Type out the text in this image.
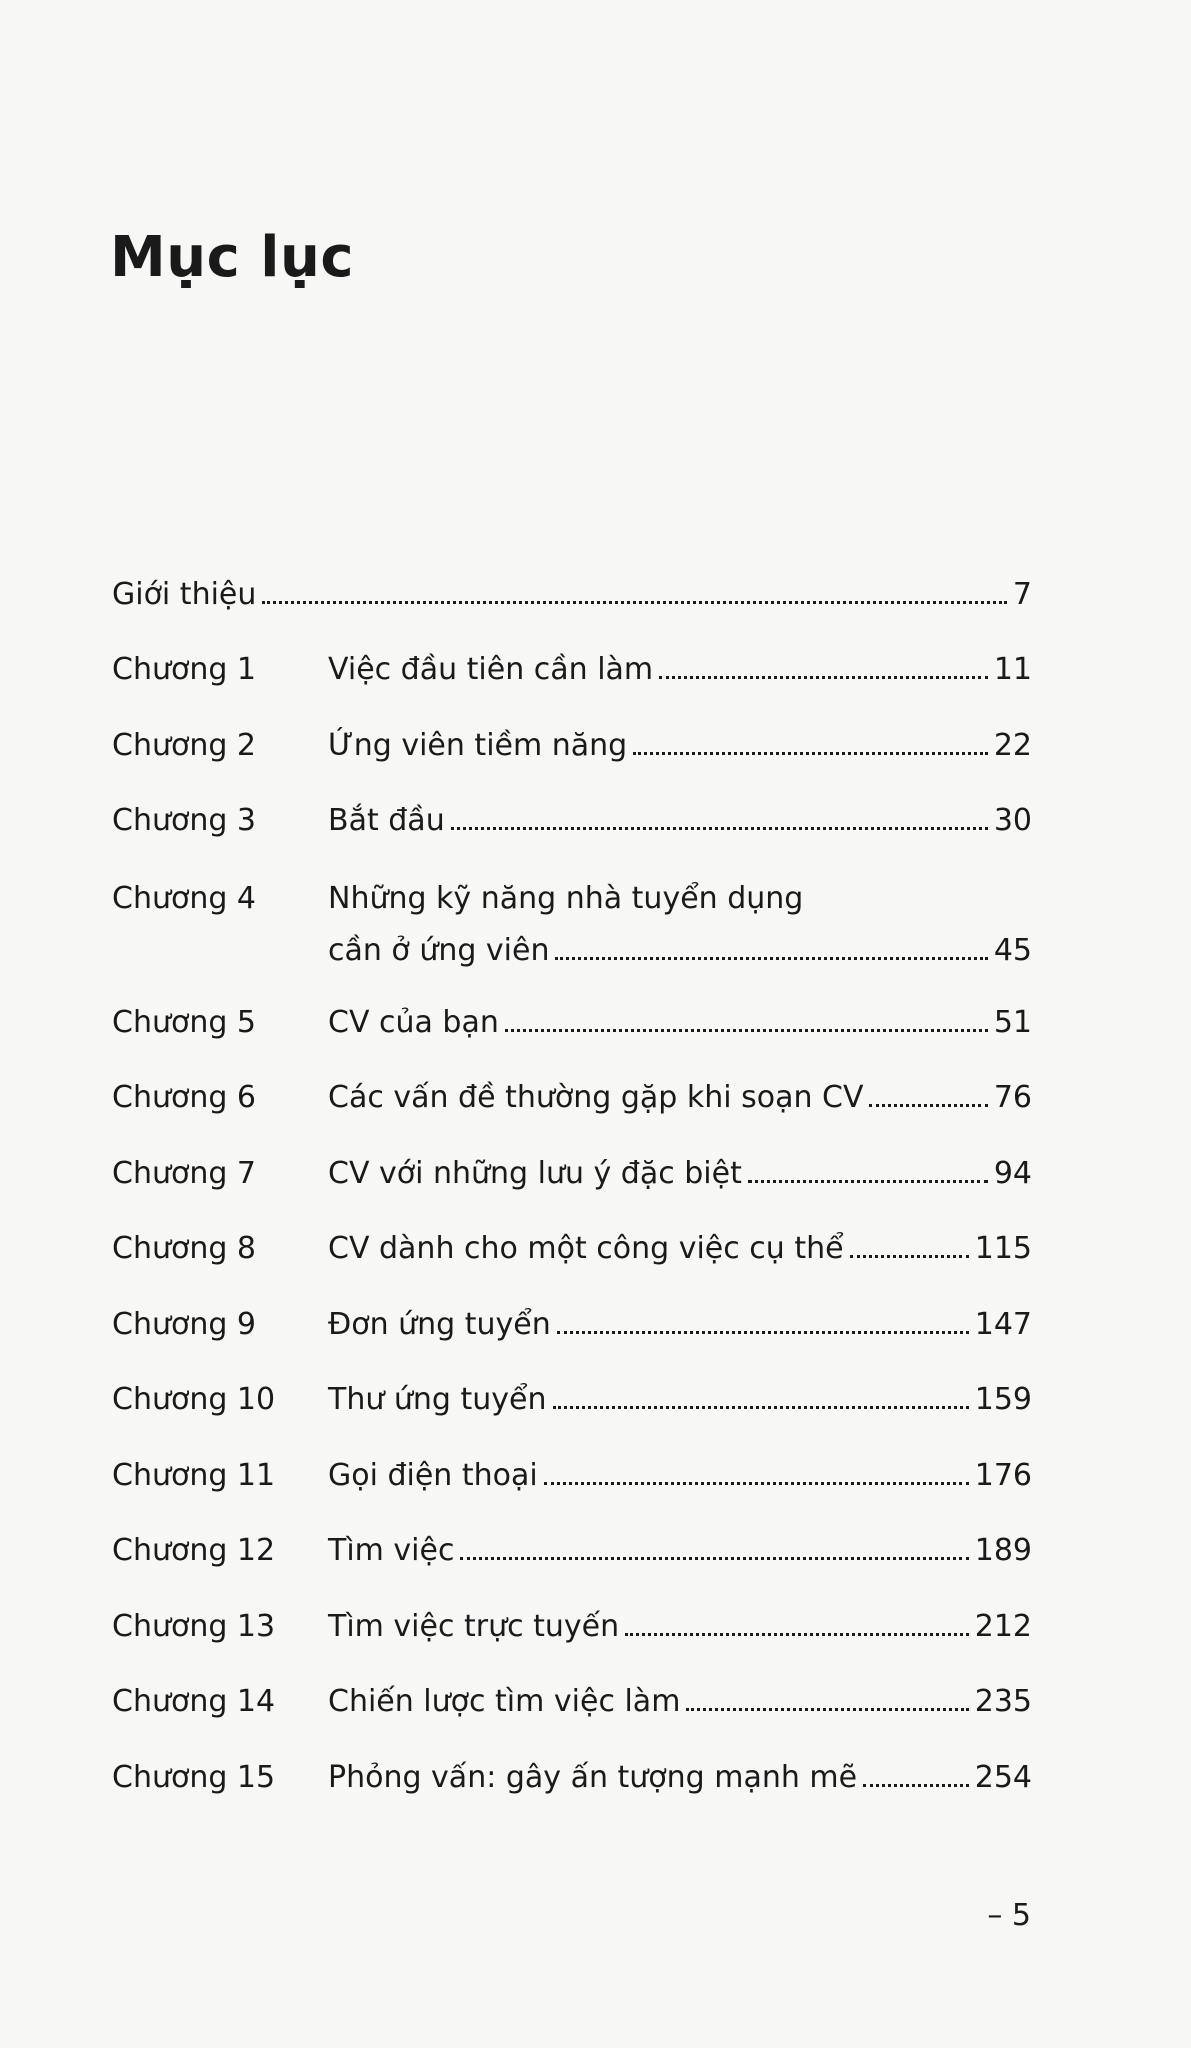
Mục lục
Giới thiệu	7
Chương 1	Việc đầu tiên cần làm	11
Chương 2	Ứng viên tiềm năng	22
Chương 3	Bắt đầu	30
Chương 4	Những kỹ năng nhà tuyển dụng
cần ở ứng viên	45
Chương 5	CV của bạn	51
Chương 6	Các vấn đề thường gặp khi soạn CV	76
Chương 7	CV với những lưu ý đặc biệt	94
Chương 8	CV dành cho một công việc cụ thể	115
Chương 9	Đơn ứng tuyển	147
Chương 10	Thư ứng tuyển	159
Chương 11	Gọi điện thoại	176
Chương 12	Tìm việc	189
Chương 13	Tìm việc trực tuyến	212
Chương 14	Chiến lược tìm việc làm	235
Chương 15	Phỏng vấn: gây ấn tượng mạnh mẽ	254
– 5
